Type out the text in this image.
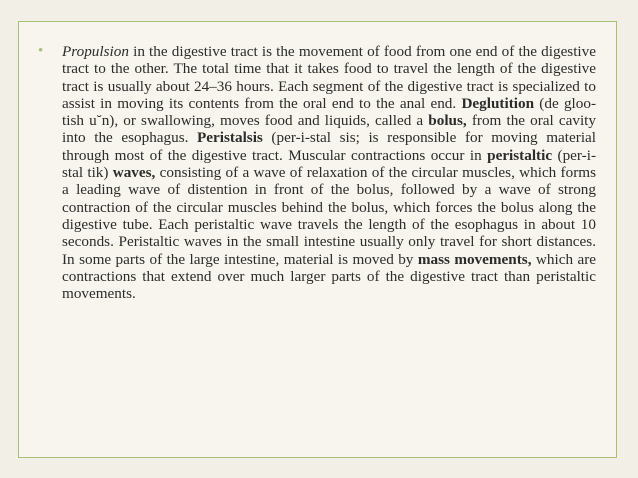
•	Propulsion in the digestive tract is the movement of food from one end of the digestive tract to the other. The total time that it takes food to travel the length of the digestive tract is usually about 24–36 hours. Each segment of the digestive tract is specialized to assist in moving its contents from the oral end to the anal end. Deglutition (de gloo-tish u˘n), or swallowing, moves food and liquids, called a bolus, from the oral cavity into the esophagus. Peristalsis (per-i-stal sis; is responsible for moving material through most of the digestive tract. Muscular contractions occur in peristaltic (per-i-stal tik) waves, consisting of a wave of relaxation of the circular muscles, which forms a leading wave of distention in front of the bolus, followed by a wave of strong contraction of the circular muscles behind the bolus, which forces the bolus along the digestive tube. Each peristaltic wave travels the length of the esophagus in about 10 seconds. Peristaltic waves in the small intestine usually only travel for short distances. In some parts of the large intestine, material is moved by mass movements, which are contractions that extend over much larger parts of the digestive tract than peristaltic movements.
